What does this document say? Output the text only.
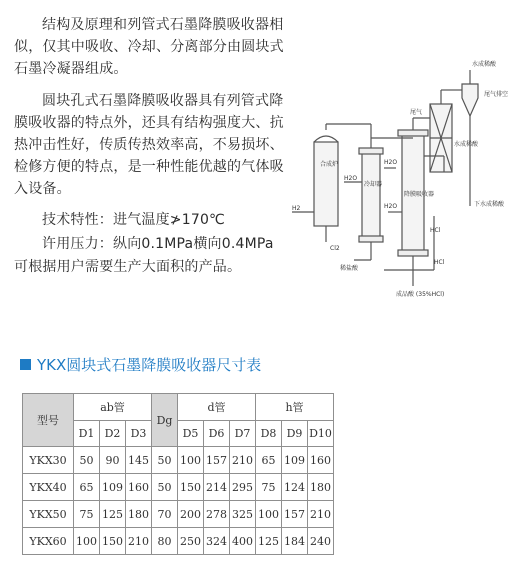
结构及原理和列管式石墨降膜吸收器相似，仅其中吸收、冷却、分离部分由圆块式石墨冷凝器组成。

圆块孔式石墨降膜吸收器具有列管式降膜吸收器的特点外，还具有结构强度大、抗热冲击性好，传质传热效率高，不易损坏、检修方便的特点，是一种性能优越的气体吸入设备。

技术特性：进气温度≯170℃

许用压力：纵向0.1MPa横向0.4MPa

可根据用户需要生产大面积的产品。

水成稀酸
尾气
尾气排空
水成稀酸
下水成稀酸
合成炉
H2O
H2
Cl2
冷却器
H2O
降膜吸收器
H2O
HCl
HCl
稀盐酸
成品酸 (35%HCl)
YKX圆块式石墨降膜吸收器尺寸表
型号	ab管			Dg	d管			h管		
	D1	D2	D3		D5	D6	D7	D8	D9	D10
YKX30	50	90	145	50	100	157	210	65	109	160
YKX40	65	109	160	50	150	214	295	75	124	180
YKX50	75	125	180	70	200	278	325	100	157	210
YKX60	100	150	210	80	250	324	400	125	184	240
